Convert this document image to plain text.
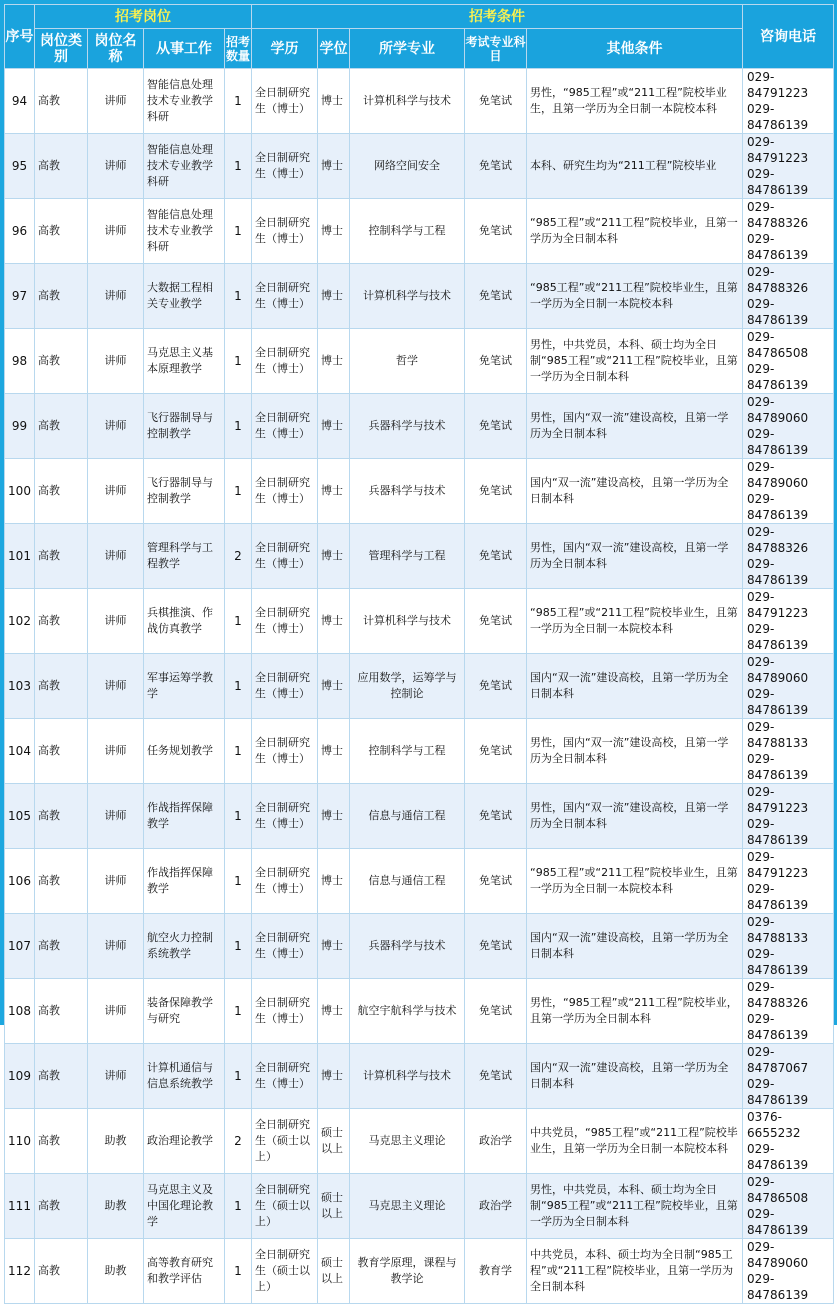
序号	招考岗位				招考条件					咨询电话
	岗位类别	岗位名称	从事工作	招考数量	学历	学位	所学专业	考试专业科　目	其他条件	
94	高教	讲师	智能信息处理技术专业教学科研	1	全日制研究生（博士）	博士	计算机科学与技术	免笔试	男性，“985工程”或“211工程”院校毕业生，且第一学历为全日制一本院校本科	029-84791223
029-84786139

95	高教	讲师	智能信息处理技术专业教学科研	1	全日制研究生（博士）	博士	网络空间安全	免笔试	本科、研究生均为“211工程”院校毕业	029-84791223
029-84786139

96	高教	讲师	智能信息处理技术专业教学科研	1	全日制研究生（博士）	博士	控制科学与工程	免笔试	“985工程”或“211工程”院校毕业，且第一学历为全日制本科	029-84788326
029-84786139

97	高教	讲师	大数据工程相关专业教学	1	全日制研究生（博士）	博士	计算机科学与技术	免笔试	“985工程”或“211工程”院校毕业生，且第一学历为全日制一本院校本科	029-84788326
029-84786139

98	高教	讲师	马克思主义基本原理教学	1	全日制研究生（博士）	博士	哲学	免笔试	男性，中共党员，本科、硕士均为全日制“985工程”或“211工程”院校毕业，且第一学历为全日制本科	029-84786508
029-84786139

99	高教	讲师	飞行器制导与控制教学	1	全日制研究生（博士）	博士	兵器科学与技术	免笔试	男性，国内“双一流”建设高校，且第一学历为全日制本科	029-84789060
029-84786139

100	高教	讲师	飞行器制导与控制教学	1	全日制研究生（博士）	博士	兵器科学与技术	免笔试	国内“双一流”建设高校，且第一学历为全日制本科	029-84789060
029-84786139

101	高教	讲师	管理科学与工程教学	2	全日制研究生（博士）	博士	管理科学与工程	免笔试	男性，国内“双一流”建设高校，且第一学历为全日制本科	029-84788326
029-84786139

102	高教	讲师	兵棋推演、作战仿真教学	1	全日制研究生（博士）	博士	计算机科学与技术	免笔试	“985工程”或“211工程”院校毕业生，且第一学历为全日制一本院校本科	029-84791223
029-84786139

103	高教	讲师	军事运筹学教学	1	全日制研究生（博士）	博士	应用数学，运筹学与控制论	免笔试	国内“双一流”建设高校，且第一学历为全日制本科	029-84789060
029-84786139

104	高教	讲师	任务规划教学	1	全日制研究生（博士）	博士	控制科学与工程	免笔试	男性，国内“双一流”建设高校，且第一学历为全日制本科	029-84788133
029-84786139

105	高教	讲师	作战指挥保障教学	1	全日制研究生（博士）	博士	信息与通信工程	免笔试	男性，国内“双一流”建设高校，且第一学历为全日制本科	029-84791223
029-84786139

106	高教	讲师	作战指挥保障教学	1	全日制研究生（博士）	博士	信息与通信工程	免笔试	“985工程”或“211工程”院校毕业生，且第一学历为全日制一本院校本科	029-84791223
029-84786139

107	高教	讲师	航空火力控制系统教学	1	全日制研究生（博士）	博士	兵器科学与技术	免笔试	国内“双一流”建设高校，且第一学历为全日制本科	029-84788133
029-84786139

108	高教	讲师	装备保障教学与研究	1	全日制研究生（博士）	博士	航空宇航科学与技术	免笔试	男性，“985工程”或“211工程”院校毕业，且第一学历为全日制本科	029-84788326
029-84786139

109	高教	讲师	计算机通信与信息系统教学	1	全日制研究生（博士）	博士	计算机科学与技术	免笔试	国内“双一流”建设高校，且第一学历为全日制本科	029-84787067
029-84786139

110	高教	助教	政治理论教学	2	全日制研究生（硕士以上）	硕士以上	马克思主义理论	政治学	中共党员，“985工程”或“211工程”院校毕业生，且第一学历为全日制一本院校本科	0376-6655232
029-84786139

111	高教	助教	马克思主义及中国化理论教学	1	全日制研究生（硕士以上）	硕士以上	马克思主义理论	政治学	男性，中共党员，本科、硕士均为全日制“985工程”或“211工程”院校毕业，且第一学历为全日制本科	029-84786508
029-84786139

112	高教	助教	高等教育研究和教学评估	1	全日制研究生（硕士以上）	硕士以上	教育学原理，课程与教学论	教育学	中共党员，本科、硕士均为全日制“985工程”或“211工程”院校毕业，且第一学历为全日制本科	029-84789060
029-84786139
